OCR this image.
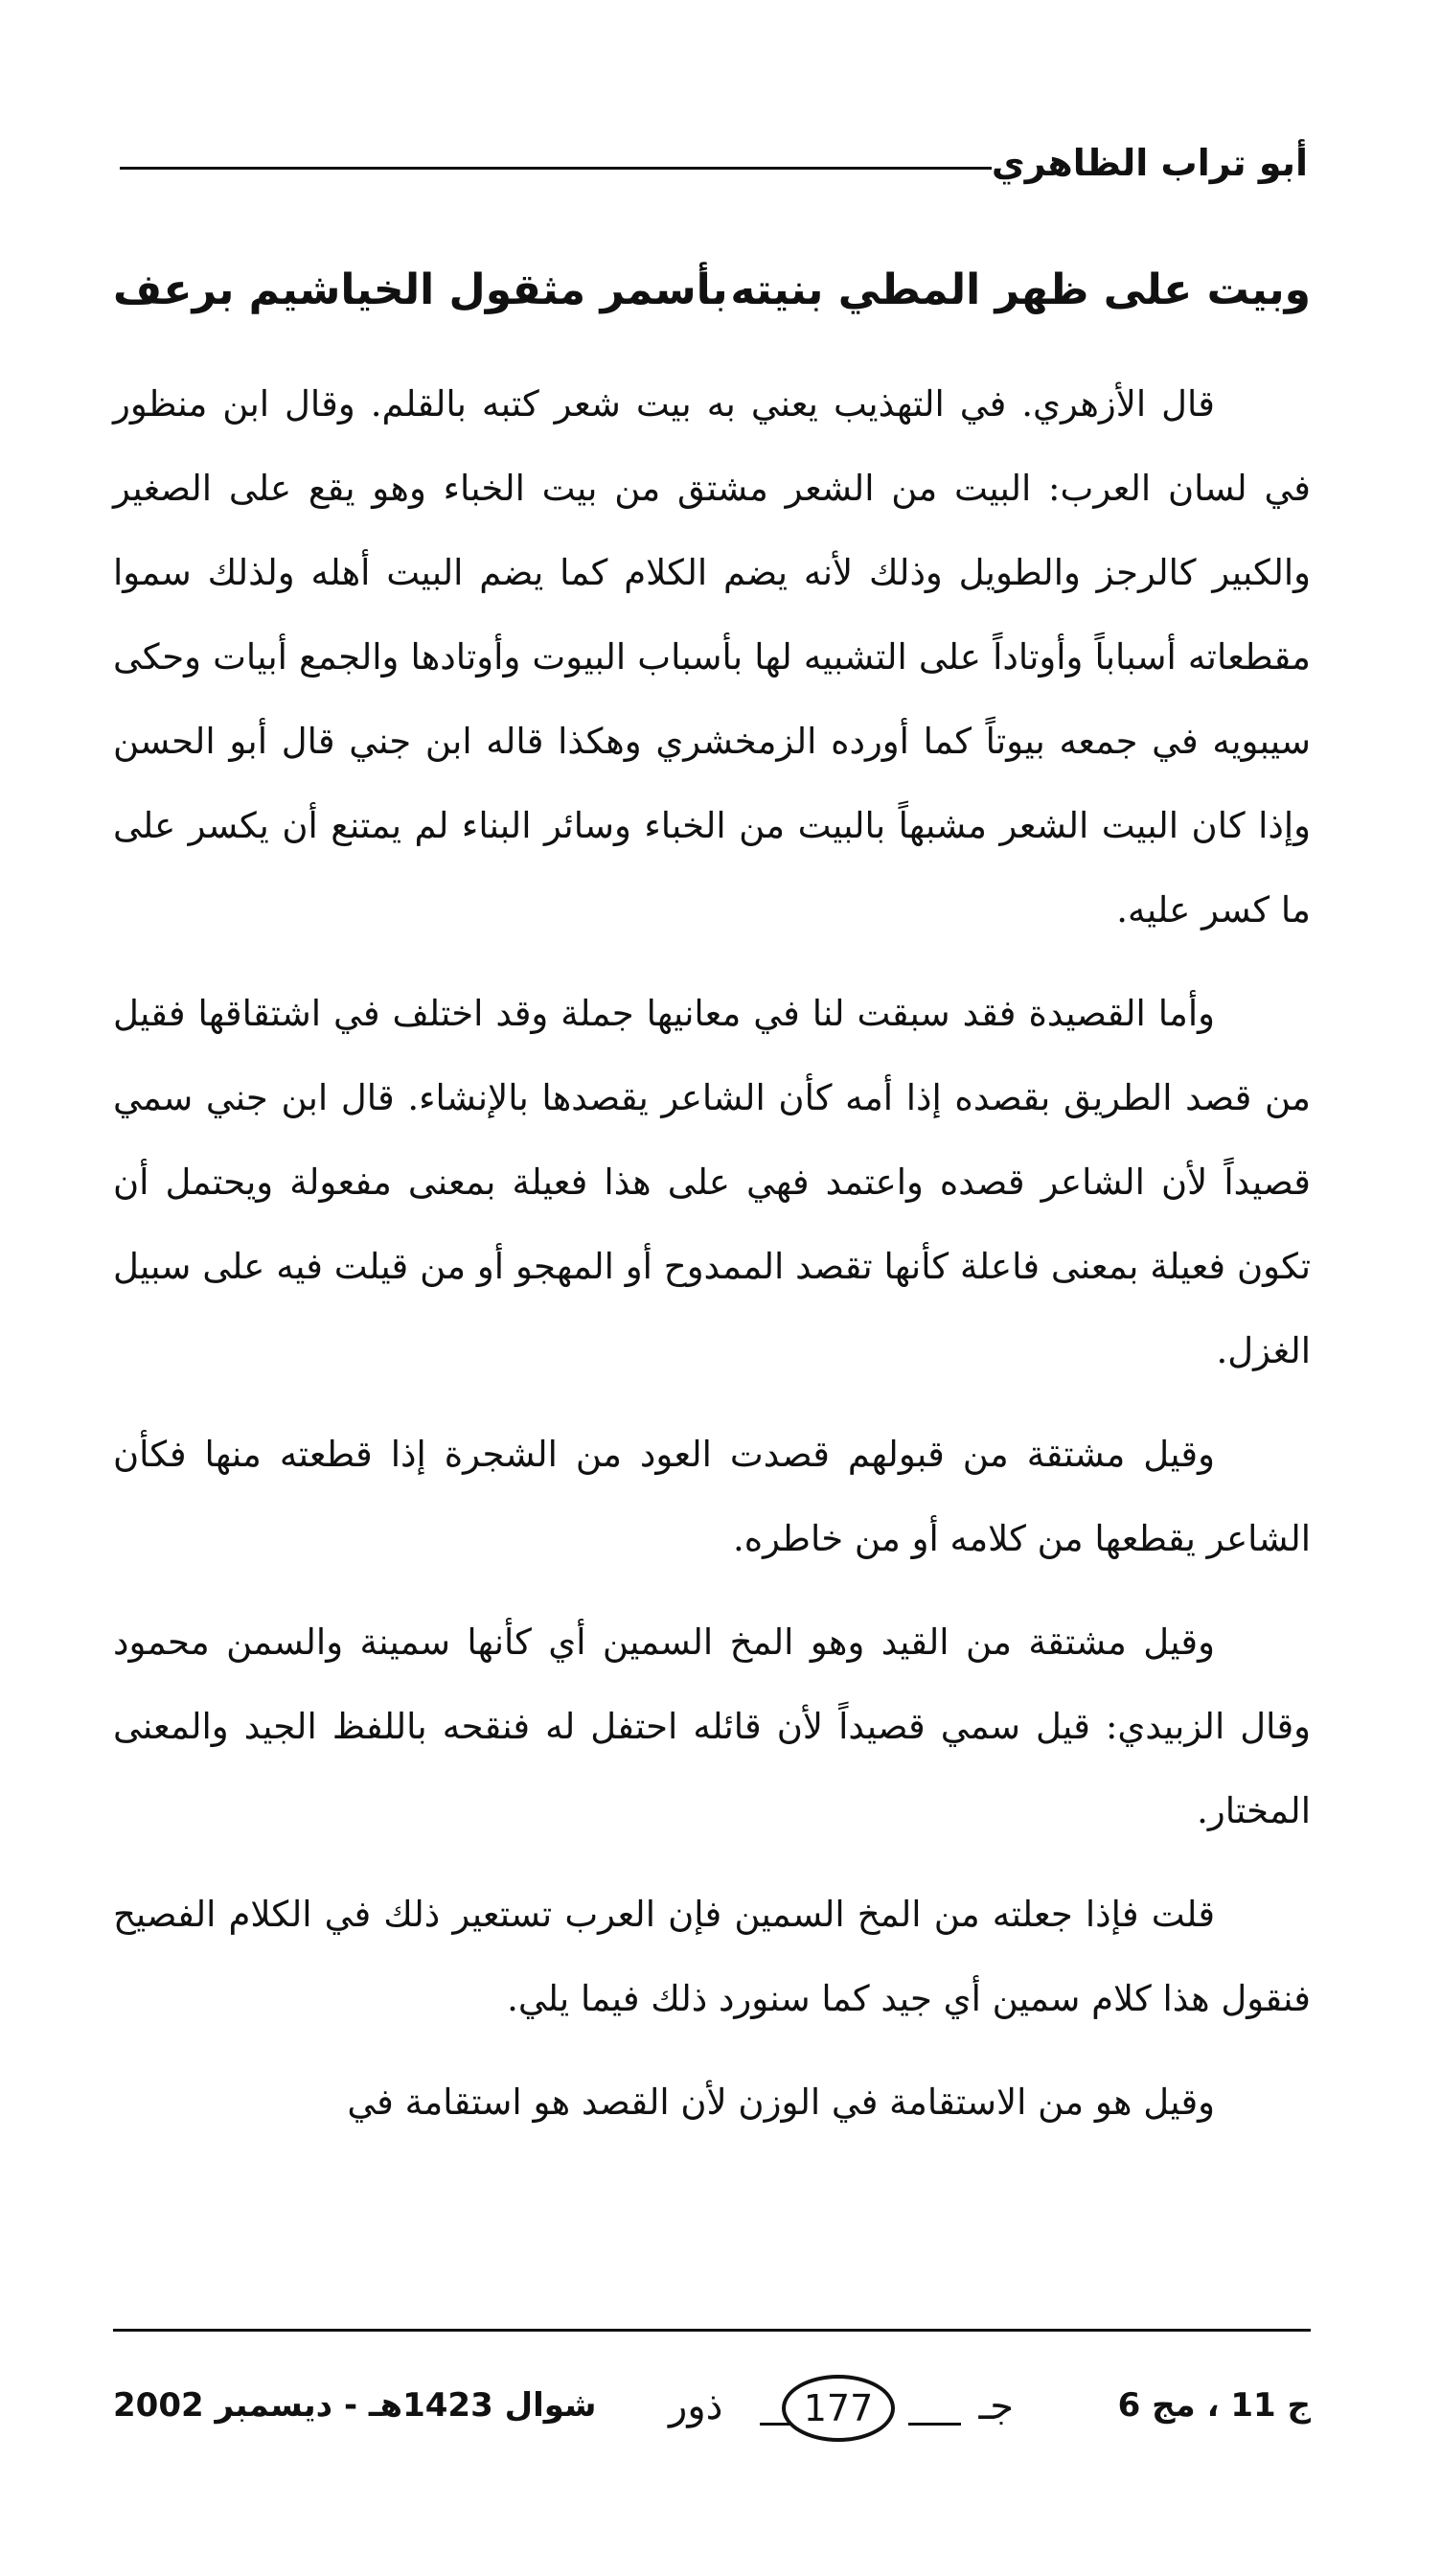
أبو تراب الظاهري
وبيت على ظهر المطي بنيته
بأسمر مثقول الخياشيم برعف

قال الأزهري. في التهذيب يعني به بيت شعر كتبه بالقلم. وقال ابن منظور في لسان العرب: البيت من الشعر مشتق من بيت الخباء وهو يقع على الصغير والكبير كالرجز والطويل وذلك لأنه يضم الكلام كما يضم البيت أهله ولذلك سموا مقطعاته أسباباً وأوتاداً على التشبيه لها بأسباب البيوت وأوتادها والجمع أبيات وحكى سيبويه في جمعه بيوتاً كما أورده الزمخشري وهكذا قاله ابن جني قال أبو الحسن وإذا كان البيت الشعر مشبهاً بالبيت من الخباء وسائر البناء لم يمتنع أن يكسر على ما كسر عليه.

وأما القصيدة فقد سبقت لنا في معانيها جملة وقد اختلف في اشتقاقها فقيل من قصد الطريق بقصده إذا أمه كأن الشاعر يقصدها بالإنشاء. قال ابن جني سمي قصيداً لأن الشاعر قصده واعتمد فهي على هذا فعيلة بمعنى مفعولة ويحتمل أن تكون فعيلة بمعنى فاعلة كأنها تقصد الممدوح أو المهجو أو من قيلت فيه على سبيل الغزل.

وقيل مشتقة من قبولهم قصدت العود من الشجرة إذا قطعته منها فكأن الشاعر يقطعها من كلامه أو من خاطره.

وقيل مشتقة من القيد وهو المخ السمين أي كأنها سمينة والسمن محمود وقال الزبيدي: قيل سمي قصيداً لأن قائله احتفل له فنقحه باللفظ الجيد والمعنى المختار.

قلت فإذا جعلته من المخ السمين فإن العرب تستعير ذلك في الكلام الفصيح فنقول هذا كلام سمين أي جيد كما سنورد ذلك فيما يلي.

وقيل هو من الاستقامة في الوزن لأن القصد هو استقامة في

ج 11 ، مج 6
ذور	177	جـ
شوال 1423هـ - ديسمبر 2002
